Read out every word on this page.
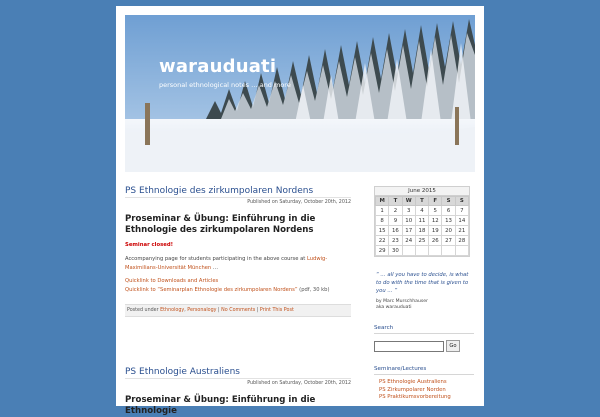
warauduati
personal ethnological notes … and more
PS Ethnologie des zirkumpolaren Nordens
Published on Saturday, October 20th, 2012
Proseminar & Übung: Einführung in die Ethnologie des zirkumpolaren Nordens
Seminar closed!
Accompanying page for students participating in the above course at Ludwig-Maximilians-Universität München …
Quicklink to Downloads and Articles
Quicklink to “Seminarplan Ethnologie des zirkumpolaren Nordens” (pdf, 30 kb)
Posted under Ethnology, Personalogy | No Comments | Print This Post
PS Ethnologie Australiens
Published on Saturday, October 20th, 2012
Proseminar & Übung: Einführung in die Ethnologie
June 2015
M	T	W	T	F	S	S
1	2	3	4	5	6	7
8	9	10	11	12	13	14
15	16	17	18	19	20	21
22	23	24	25	26	27	28
29	30					
“ … all you have to decide, is what to do with the time that is given to you … ”
by Marc Murschhauser
aka warauduati
Search
Go
Seminare/Lectures
PS Ethnologie Australiens
PS Zirkumpolarer Norden
PS Praktikumsvorbereitung
